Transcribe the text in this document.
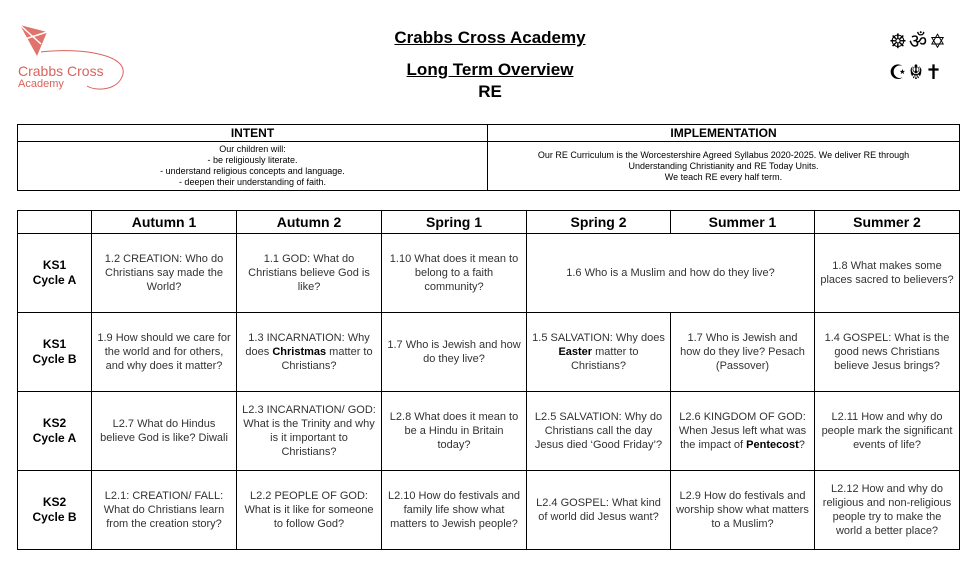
Crabbs Cross
Academy
Crabbs Cross Academy
Long Term Overview
RE
☸ॐ✡
☪☬✝
INTENT	IMPLEMENTATION

Our children will:
- be religiously literate.
- understand religious concepts and language.
- deepen their understanding of faith.	Our RE Curriculum is the Worcestershire Agreed Syllabus 2020-2025. We deliver RE through
Understanding Christianity and RE Today Units.
We teach RE every half term.
	Autumn 1	Autumn 2	Spring 1	Spring 2	Summer 1	Summer 2

KS1
Cycle A	1.2 CREATION: Who do Christians say made the World?	1.1 GOD: What do Christians believe God is like?	1.10 What does it mean to belong to a faith community?	1.6 Who is a Muslim and how do they live?		1.8 What makes some places sacred to believers?

KS1
Cycle B	1.9 How should we care for the world and for others, and why does it matter?	1.3 INCARNATION: Why does Christmas matter to Christians?	1.7 Who is Jewish and how do they live?	1.5 SALVATION: Why does Easter matter to Christians?	1.7 Who is Jewish and how do they live? Pesach (Passover)	1.4 GOSPEL: What is the good news Christians believe Jesus brings?

KS2
Cycle A	L2.7 What do Hindus believe God is like? Diwali	L2.3 INCARNATION/ GOD: What is the Trinity and why is it important to Christians?	L2.8 What does it mean to be a Hindu in Britain today?	L2.5 SALVATION: Why do Christians call the day Jesus died ‘Good Friday’?	L2.6 KINGDOM OF GOD: When Jesus left what was the impact of Pentecost?	L2.11 How and why do people mark the significant events of life?

KS2
Cycle B	L2.1: CREATION/ FALL: What do Christians learn from the creation story?	L2.2 PEOPLE OF GOD: What is it like for someone to follow God?	L2.10 How do festivals and family life show what matters to Jewish people?	L2.4 GOSPEL: What kind of world did Jesus want?	L2.9 How do festivals and worship show what matters to a Muslim?	L2.12 How and why do religious and non-religious people try to make the world a better place?
